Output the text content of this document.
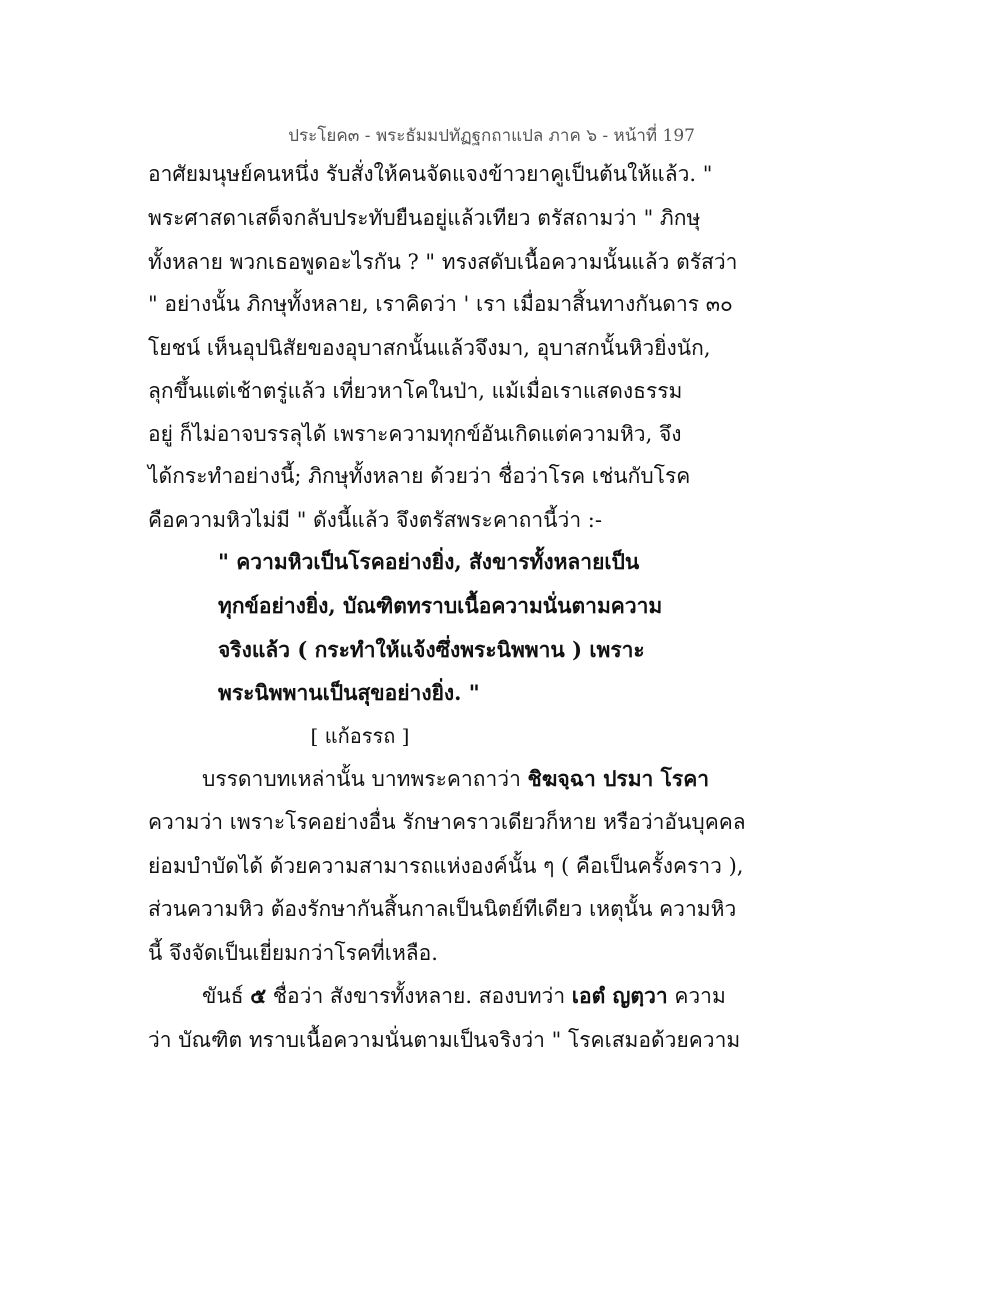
ประโยค๓ - พระธัมมปทัฏฐกถาแปล ภาค ๖ - หน้าที่ 197
อาศัยมนุษย์คนหนึ่ง รับสั่งให้คนจัดแจงข้าวยาคูเป็นต้นให้แล้ว. "
พระศาสดาเสด็จกลับประทับยืนอยู่แล้วเทียว ตรัสถามว่า " ภิกษุ
ทั้งหลาย พวกเธอพูดอะไรกัน ? " ทรงสดับเนื้อความนั้นแล้ว ตรัสว่า
" อย่างนั้น ภิกษุทั้งหลาย, เราคิดว่า ' เรา เมื่อมาสิ้นทางกันดาร ๓๐
โยชน์ เห็นอุปนิสัยของอุบาสกนั้นแล้วจึงมา, อุบาสกนั้นหิวยิ่งนัก,
ลุกขึ้นแต่เช้าตรู่แล้ว เที่ยวหาโคในป่า, แม้เมื่อเราแสดงธรรม
อยู่ ก็ไม่อาจบรรลุได้ เพราะความทุกข์อันเกิดแต่ความหิว, จึง
ได้กระทำอย่างนี้; ภิกษุทั้งหลาย ด้วยว่า ชื่อว่าโรค เช่นกับโรค
คือความหิวไม่มี " ดังนี้แล้ว จึงตรัสพระคาถานี้ว่า :-
" ความหิวเป็นโรคอย่างยิ่ง, สังขารทั้งหลายเป็น
ทุกข์อย่างยิ่ง, บัณฑิตทราบเนื้อความนั่นตามความ
จริงแล้ว ( กระทำให้แจ้งซึ่งพระนิพพาน ) เพราะ
พระนิพพานเป็นสุขอย่างยิ่ง. "
[ แก้อรรถ ]
บรรดาบทเหล่านั้น บาทพระคาถาว่า ชิฆจฺฉา ปรมา โรคา
ความว่า เพราะโรคอย่างอื่น รักษาคราวเดียวก็หาย หรือว่าอันบุคคล
ย่อมบำบัดได้ ด้วยความสามารถแห่งองค์นั้น ๆ ( คือเป็นครั้งคราว ),
ส่วนความหิว ต้องรักษากันสิ้นกาลเป็นนิตย์ทีเดียว เหตุนั้น ความหิว
นี้ จึงจัดเป็นเยี่ยมกว่าโรคที่เหลือ.
ขันธ์ ๕ ชื่อว่า สังขารทั้งหลาย. สองบทว่า เอตํ ญตฺวา ความ
ว่า บัณฑิต ทราบเนื้อความนั่นตามเป็นจริงว่า " โรคเสมอด้วยความ
